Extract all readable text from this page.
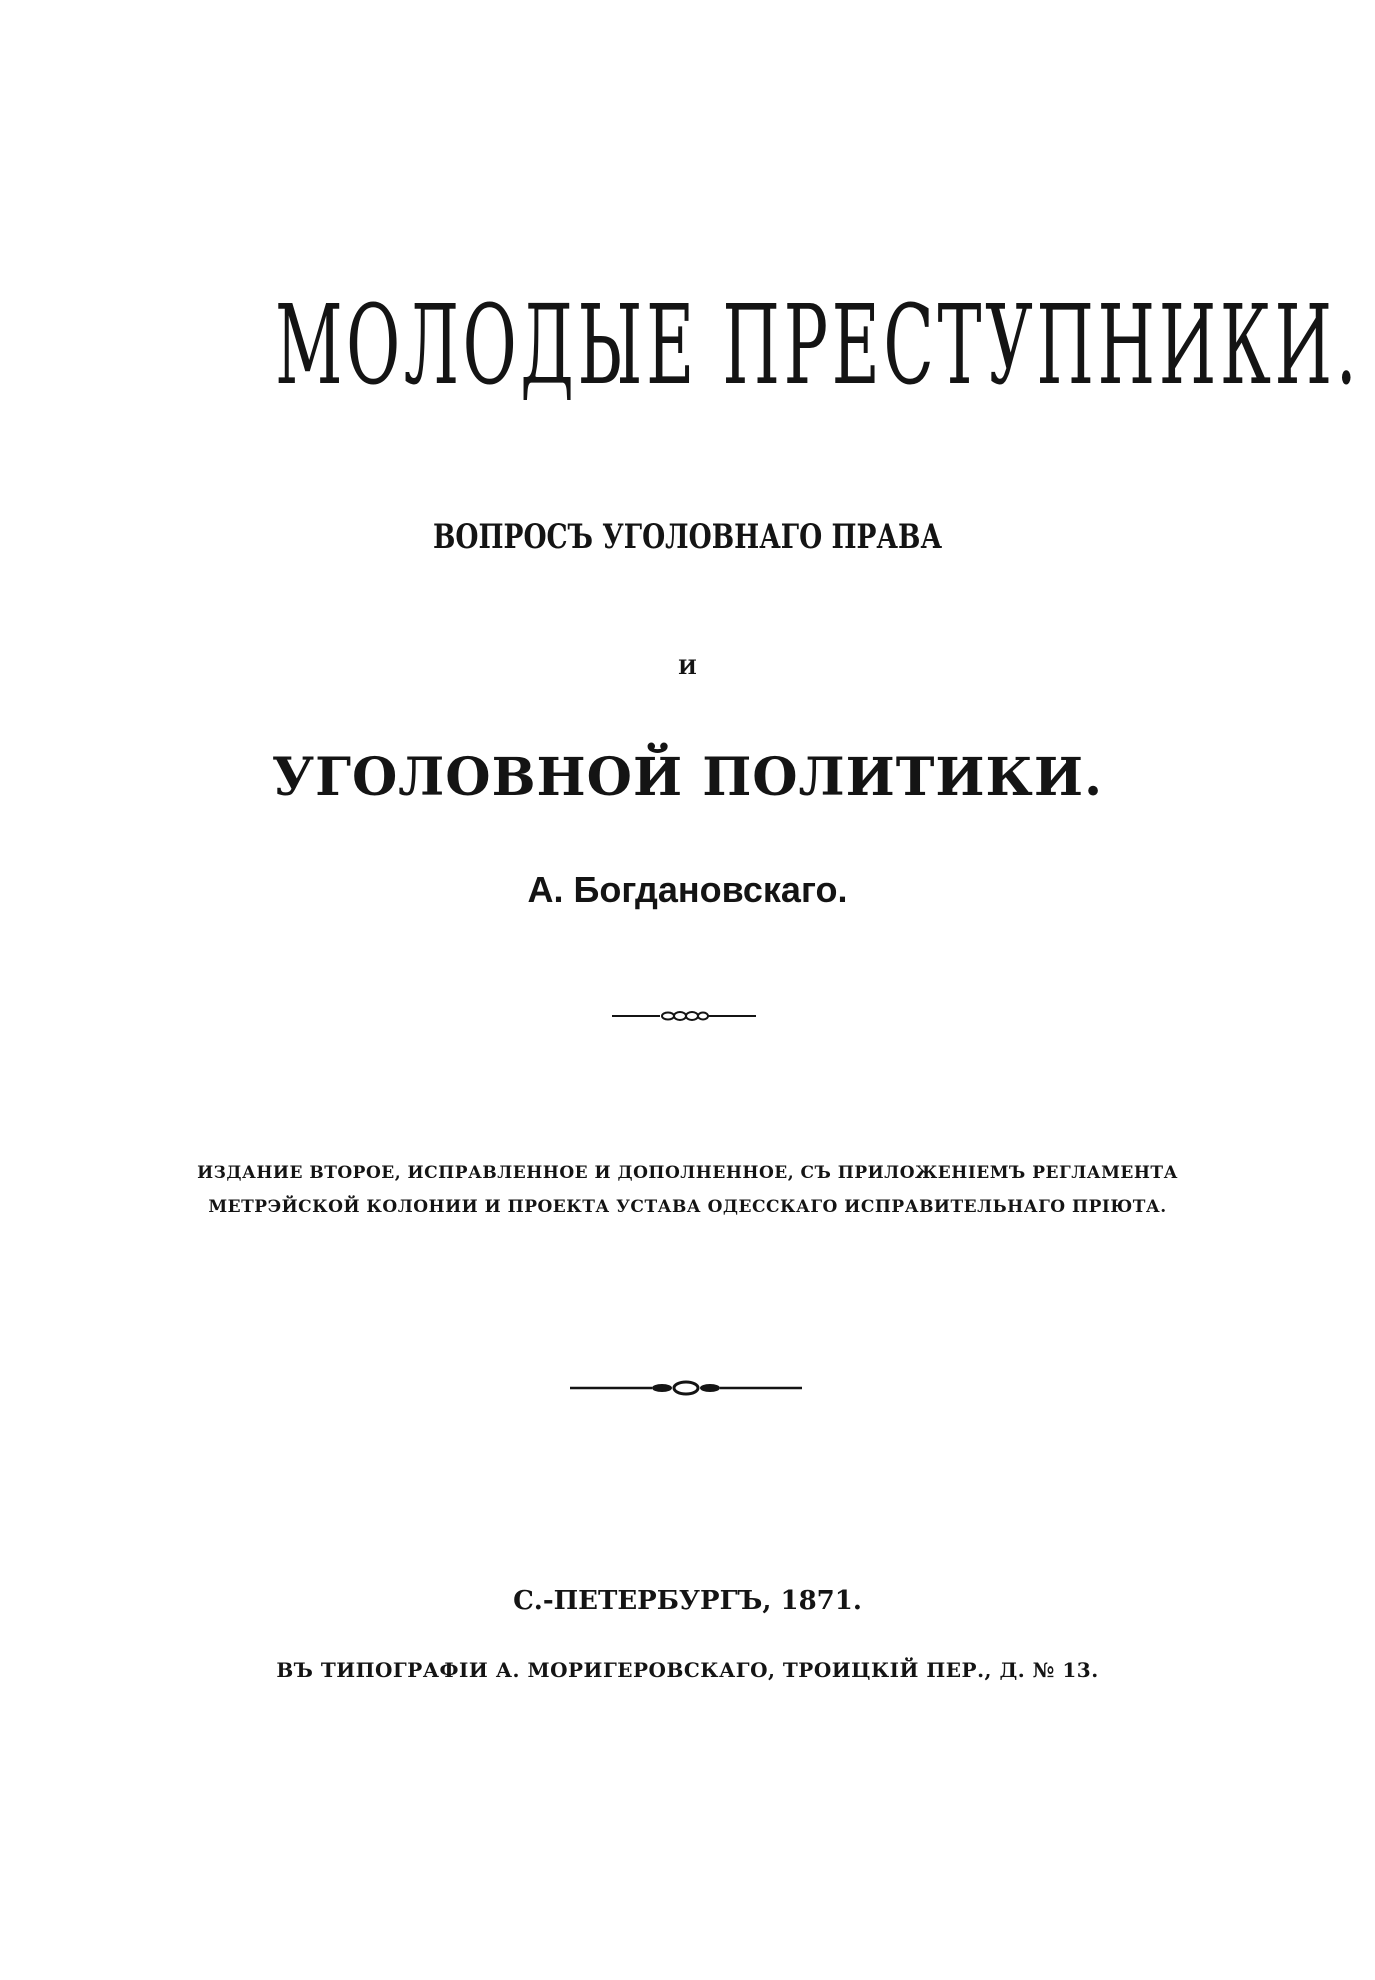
МОЛОДЫЕ ПРЕСТУПНИКИ.
ВОПРОСЪ УГОЛОВНАГО ПРАВА
И
УГОЛОВНОЙ ПОЛИТИКИ.
А. Богдановскаго.
ИЗДАНИЕ ВТОРОЕ, ИСПРАВЛЕННОЕ И ДОПОЛНЕННОЕ, СЪ ПРИЛОЖЕНІЕМЪ РЕГЛАМЕНТА
МЕТРЭЙСКОЙ КОЛОНИИ И ПРОЕКТА УСТАВА ОДЕССКАГО ИСПРАВИТЕЛЬНАГО ПРІЮТА.
С.-ПЕТЕРБУРГЪ, 1871.
ВЪ ТИПОГРАФІИ А. МОРИГЕРОВСКАГО, ТРОИЦКІЙ ПЕР., Д. № 13.
